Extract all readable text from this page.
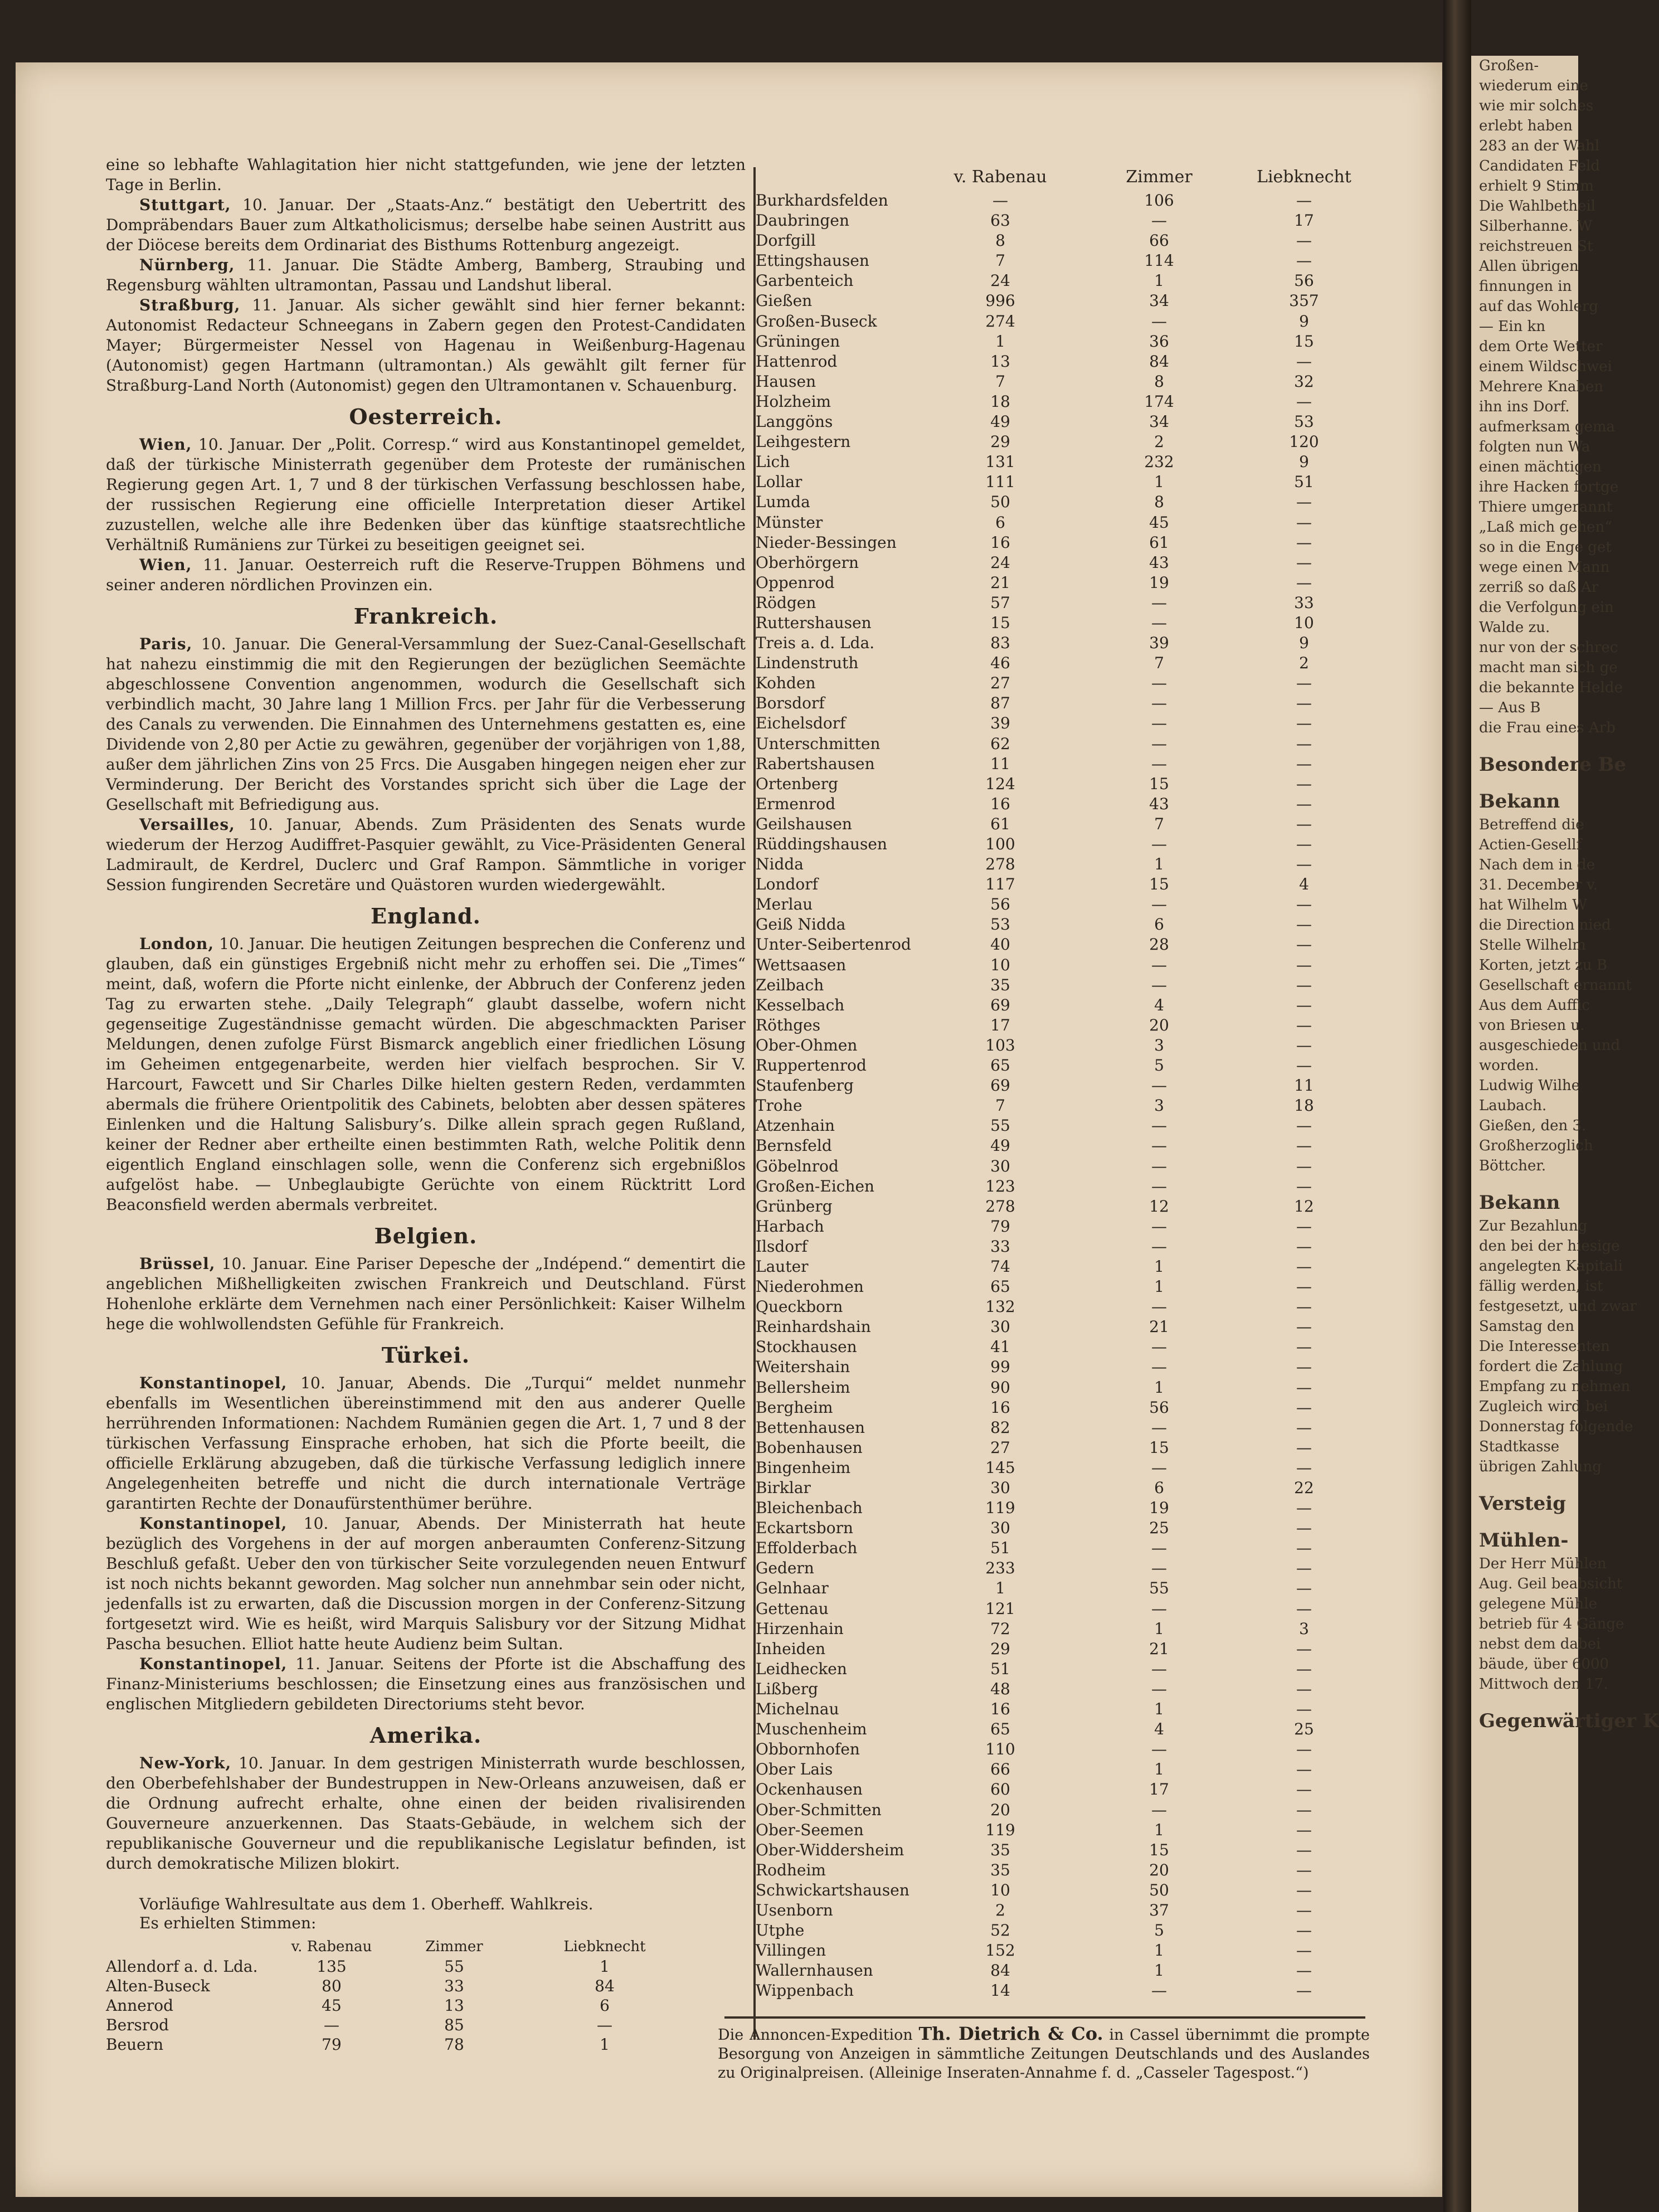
Großen-

wiederum eine

wie mir solches

erlebt haben

283 an der Wahl

Candidaten Feld

erhielt 9 Stimm

Die Wahlbetheil

Silberhanne. W

reichstreuen St

Allen übrigen

finnungen in

auf das Wohlerg

— Ein kn

dem Orte Wetter

einem Wildschwei

Mehrere Knaben

ihn ins Dorf.

aufmerksam gema

folgten nun Wa

einen mächtigen

ihre Hacken fortge

Thiere umgerannt

„Laß mich gehen“

so in die Enge get

wege einen Mann

zerriß so daß Ar

die Verfolgung ein

Walde zu.

nur von der schrec

macht man sich ge

die bekannte Helde

— Aus B

die Frau eines Arb

Besondere Be

Bekann

Betreffend die

Actien-Gesellf

Nach dem in de

31. December v.

hat Wilhelm W

die Direction nied

Stelle Wilhelm

Korten, jetzt zu B

Gesellschaft ernannt

Aus dem Auffic

von Briesen u.

ausgeschieden und

worden.

Ludwig Wilhe

Laubach.

Gießen, den 3.

Großherzoglich

Böttcher.

Bekann

Zur Bezahlung

den bei der hiesige

angelegten Kapitali

fällig werden, ist

festgesetzt, und zwar

Samstag den

Die Interessenten

fordert die Zahlung

Empfang zu nehmen

Zugleich wird bei

Donnerstag folgende

Stadtkasse

übrigen Zahlung

Versteig

Mühlen-

Der Herr Mühlen

Aug. Geil beabsicht

gelegene Mühle

betrieb für 4 Gänge

nebst dem dabei

bäude, über 6000

Mittwoch den 17.

Gegenwärtiger K

eine so lebhafte Wahlagitation hier nicht stattgefunden, wie jene der letzten Tage in Berlin.

Stuttgart, 10. Januar. Der „Staats-Anz.“ bestätigt den Uebertritt des Dompräbendars Bauer zum Altkatholicismus; derselbe habe seinen Austritt aus der Diöcese bereits dem Ordinariat des Bisthums Rottenburg angezeigt.

Nürnberg, 11. Januar. Die Städte Amberg, Bamberg, Straubing und Regensburg wählten ultramontan, Passau und Landshut liberal.

Straßburg, 11. Januar. Als sicher gewählt sind hier ferner bekannt: Autonomist Redacteur Schneegans in Zabern gegen den Protest-Candidaten Mayer; Bürgermeister Nessel von Hagenau in Weißenburg-Hagenau (Autonomist) gegen Hartmann (ultramontan.) Als gewählt gilt ferner für Straßburg-Land North (Autonomist) gegen den Ultramontanen v. Schauenburg.

Oesterreich.

Wien, 10. Januar. Der „Polit. Corresp.“ wird aus Konstantinopel gemeldet, daß der türkische Ministerrath gegenüber dem Proteste der rumänischen Regierung gegen Art. 1, 7 und 8 der türkischen Verfassung beschlossen habe, der russischen Regierung eine officielle Interpretation dieser Artikel zuzustellen, welche alle ihre Bedenken über das künftige staatsrechtliche Verhältniß Rumäniens zur Türkei zu beseitigen geeignet sei.

Wien, 11. Januar. Oesterreich ruft die Reserve-Truppen Böhmens und seiner anderen nördlichen Provinzen ein.

Frankreich.

Paris, 10. Januar. Die General-Versammlung der Suez-Canal-Gesellschaft hat nahezu einstimmig die mit den Regierungen der bezüglichen Seemächte abgeschlossene Convention angenommen, wodurch die Gesellschaft sich verbindlich macht, 30 Jahre lang 1 Million Frcs. per Jahr für die Verbesserung des Canals zu verwenden. Die Einnahmen des Unternehmens gestatten es, eine Dividende von 2,80 per Actie zu gewähren, gegenüber der vorjährigen von 1,88, außer dem jährlichen Zins von 25 Frcs. Die Ausgaben hingegen neigen eher zur Verminderung. Der Bericht des Vorstandes spricht sich über die Lage der Gesellschaft mit Befriedigung aus.

Versailles, 10. Januar, Abends. Zum Präsidenten des Senats wurde wiederum der Herzog Audiffret-Pasquier gewählt, zu Vice-Präsidenten General Ladmirault, de Kerdrel, Duclerc und Graf Rampon. Sämmtliche in voriger Session fungirenden Secretäre und Quästoren wurden wiedergewählt.

England.

London, 10. Januar. Die heutigen Zeitungen besprechen die Conferenz und glauben, daß ein günstiges Ergebniß nicht mehr zu erhoffen sei. Die „Times“ meint, daß, wofern die Pforte nicht einlenke, der Abbruch der Conferenz jeden Tag zu erwarten stehe. „Daily Telegraph“ glaubt dasselbe, wofern nicht gegenseitige Zugeständnisse gemacht würden. Die abgeschmackten Pariser Meldungen, denen zufolge Fürst Bismarck angeblich einer friedlichen Lösung im Geheimen entgegenarbeite, werden hier vielfach besprochen. Sir V. Harcourt, Fawcett und Sir Charles Dilke hielten gestern Reden, verdammten abermals die frühere Orientpolitik des Cabinets, belobten aber dessen späteres Einlenken und die Haltung Salisbury’s. Dilke allein sprach gegen Rußland, keiner der Redner aber ertheilte einen bestimmten Rath, welche Politik denn eigentlich England einschlagen solle, wenn die Conferenz sich ergebnißlos aufgelöst habe. — Unbeglaubigte Gerüchte von einem Rücktritt Lord Beaconsfield werden abermals verbreitet.

Belgien.

Brüssel, 10. Januar. Eine Pariser Depesche der „Indépend.“ dementirt die angeblichen Mißhelligkeiten zwischen Frankreich und Deutschland. Fürst Hohenlohe erklärte dem Vernehmen nach einer Persönlichkeit: Kaiser Wilhelm hege die wohlwollendsten Gefühle für Frankreich.

Türkei.

Konstantinopel, 10. Januar, Abends. Die „Turqui“ meldet nunmehr ebenfalls im Wesentlichen übereinstimmend mit den aus anderer Quelle herrührenden Informationen: Nachdem Rumänien gegen die Art. 1, 7 und 8 der türkischen Verfassung Einsprache erhoben, hat sich die Pforte beeilt, die officielle Erklärung abzugeben, daß die türkische Verfassung lediglich innere Angelegenheiten betreffe und nicht die durch internationale Verträge garantirten Rechte der Donaufürstenthümer berühre.

Konstantinopel, 10. Januar, Abends. Der Ministerrath hat heute bezüglich des Vorgehens in der auf morgen anberaumten Conferenz-Sitzung Beschluß gefaßt. Ueber den von türkischer Seite vorzulegenden neuen Entwurf ist noch nichts bekannt geworden. Mag solcher nun annehmbar sein oder nicht, jedenfalls ist zu erwarten, daß die Discussion morgen in der Conferenz-Sitzung fortgesetzt wird. Wie es heißt, wird Marquis Salisbury vor der Sitzung Midhat Pascha besuchen. Elliot hatte heute Audienz beim Sultan.

Konstantinopel, 11. Januar. Seitens der Pforte ist die Abschaffung des Finanz-Ministeriums beschlossen; die Einsetzung eines aus französischen und englischen Mitgliedern gebildeten Directoriums steht bevor.

Amerika.

New-York, 10. Januar. In dem gestrigen Ministerrath wurde beschlossen, den Oberbefehlshaber der Bundestruppen in New-Orleans anzuweisen, daß er die Ordnung aufrecht erhalte, ohne einen der beiden rivalisirenden Gouverneure anzuerkennen. Das Staats-Gebäude, in welchem sich der republikanische Gouverneur und die republikanische Legislatur befinden, ist durch demokratische Milizen blokirt.

Vorläufige Wahlresultate aus dem 1. Oberheff. Wahlkreis.
Es erhielten Stimmen:
v. Rabenau	Zimmer	Liebknecht
Allendorf a. d. Lda.	135	55	1
Alten-Buseck	80	33	84
Annerod	45	13	6
Bersrod	—	85	—
Beuern	79	78	1
v. Rabenau	Zimmer	Liebknecht
Burkhardsfelden	—	106	—
Daubringen	63	—	17
Dorfgill	8	66	—
Ettingshausen	7	114	—
Garbenteich	24	1	56
Gießen	996	34	357
Großen-Buseck	274	—	9
Grüningen	1	36	15
Hattenrod	13	84	—
Hausen	7	8	32
Holzheim	18	174	—
Langgöns	49	34	53
Leihgestern	29	2	120
Lich	131	232	9
Lollar	111	1	51
Lumda	50	8	—
Münster	6	45	—
Nieder-Bessingen	16	61	—
Oberhörgern	24	43	—
Oppenrod	21	19	—
Rödgen	57	—	33
Ruttershausen	15	—	10
Treis a. d. Lda.	83	39	9
Lindenstruth	46	7	2
Kohden	27	—	—
Borsdorf	87	—	—
Eichelsdorf	39	—	—
Unterschmitten	62	—	—
Rabertshausen	11	—	—
Ortenberg	124	15	—
Ermenrod	16	43	—
Geilshausen	61	7	—
Rüddingshausen	100	—	—
Nidda	278	1	—
Londorf	117	15	4
Merlau	56	—	—
Geiß Nidda	53	6	—
Unter-Seibertenrod	40	28	—
Wettsaasen	10	—	—
Zeilbach	35	—	—
Kesselbach	69	4	—
Röthges	17	20	—
Ober-Ohmen	103	3	—
Ruppertenrod	65	5	—
Staufenberg	69	—	11
Trohe	7	3	18
Atzenhain	55	—	—
Bernsfeld	49	—	—
Göbelnrod	30	—	—
Großen-Eichen	123	—	—
Grünberg	278	12	12
Harbach	79	—	—
Ilsdorf	33	—	—
Lauter	74	1	—
Niederohmen	65	1	—
Queckborn	132	—	—
Reinhardshain	30	21	—
Stockhausen	41	—	—
Weitershain	99	—	—
Bellersheim	90	1	—
Bergheim	16	56	—
Bettenhausen	82	—	—
Bobenhausen	27	15	—
Bingenheim	145	—	—
Birklar	30	6	22
Bleichenbach	119	19	—
Eckartsborn	30	25	—
Effolderbach	51	—	—
Gedern	233	—	—
Gelnhaar	1	55	—
Gettenau	121	—	—
Hirzenhain	72	1	3
Inheiden	29	21	—
Leidhecken	51	—	—
Lißberg	48	—	—
Michelnau	16	1	—
Muschenheim	65	4	25
Obbornhofen	110	—	—
Ober Lais	66	1	—
Ockenhausen	60	17	—
Ober-Schmitten	20	—	—
Ober-Seemen	119	1	—
Ober-Widdersheim	35	15	—
Rodheim	35	20	—
Schwickartshausen	10	50	—
Usenborn	2	37	—
Utphe	52	5	—
Villingen	152	1	—
Wallernhausen	84	1	—
Wippenbach	14	—	—
Die Annoncen-Expedition Th. Dietrich & Co. in Cassel übernimmt die prompte Besorgung von Anzeigen in sämmtliche Zeitungen Deutschlands und des Auslandes zu Originalpreisen. (Alleinige Inseraten-Annahme f. d. „Casseler Tagespost.“)
